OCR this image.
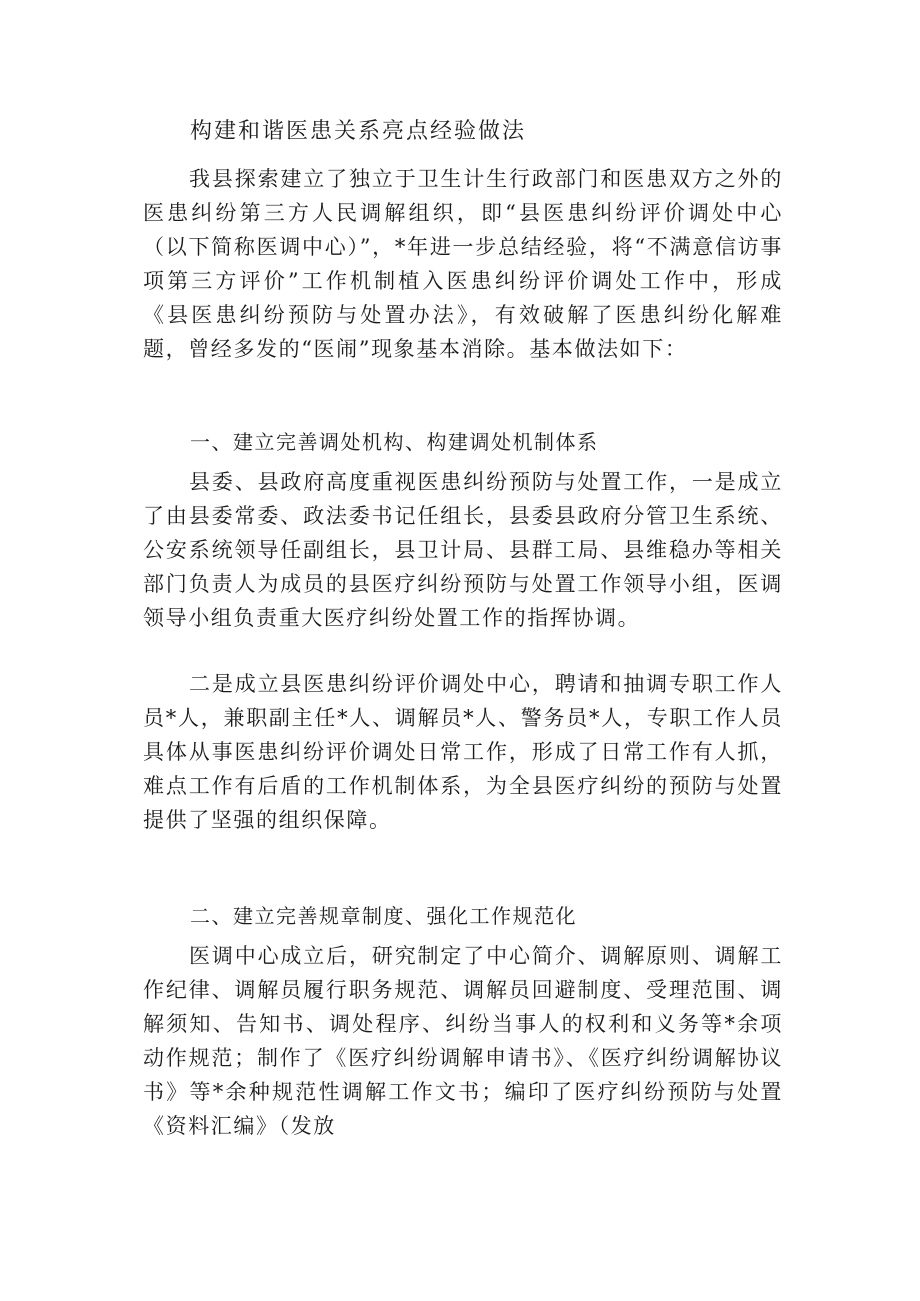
构建和谐医患关系亮点经验做法

我县探索建立了独立于卫生计生行政部门和医患双方之外的医患纠纷第三方人民调解组织，即“县医患纠纷评价调处中心（以下简称医调中心）”，*年进一步总结经验，将“不满意信访事项第三方评价”工作机制植入医患纠纷评价调处工作中，形成《县医患纠纷预防与处置办法》，有效破解了医患纠纷化解难题，曾经多发的“医闹”现象基本消除。基本做法如下：

一、建立完善调处机构、构建调处机制体系

县委、县政府高度重视医患纠纷预防与处置工作，一是成立了由县委常委、政法委书记任组长，县委县政府分管卫生系统、公安系统领导任副组长，县卫计局、县群工局、县维稳办等相关部门负责人为成员的县医疗纠纷预防与处置工作领导小组，医调领导小组负责重大医疗纠纷处置工作的指挥协调。

二是成立县医患纠纷评价调处中心，聘请和抽调专职工作人员*人，兼职副主任*人、调解员*人、警务员*人，专职工作人员具体从事医患纠纷评价调处日常工作，形成了日常工作有人抓，难点工作有后盾的工作机制体系，为全县医疗纠纷的预防与处置提供了坚强的组织保障。

二、建立完善规章制度、强化工作规范化

医调中心成立后，研究制定了中心简介、调解原则、调解工作纪律、调解员履行职务规范、调解员回避制度、受理范围、调解须知、告知书、调处程序、纠纷当事人的权利和义务等*余项动作规范；制作了《医疗纠纷调解申请书》、《医疗纠纷调解协议书》等*余种规范性调解工作文书；编印了医疗纠纷预防与处置《资料汇编》（发放
